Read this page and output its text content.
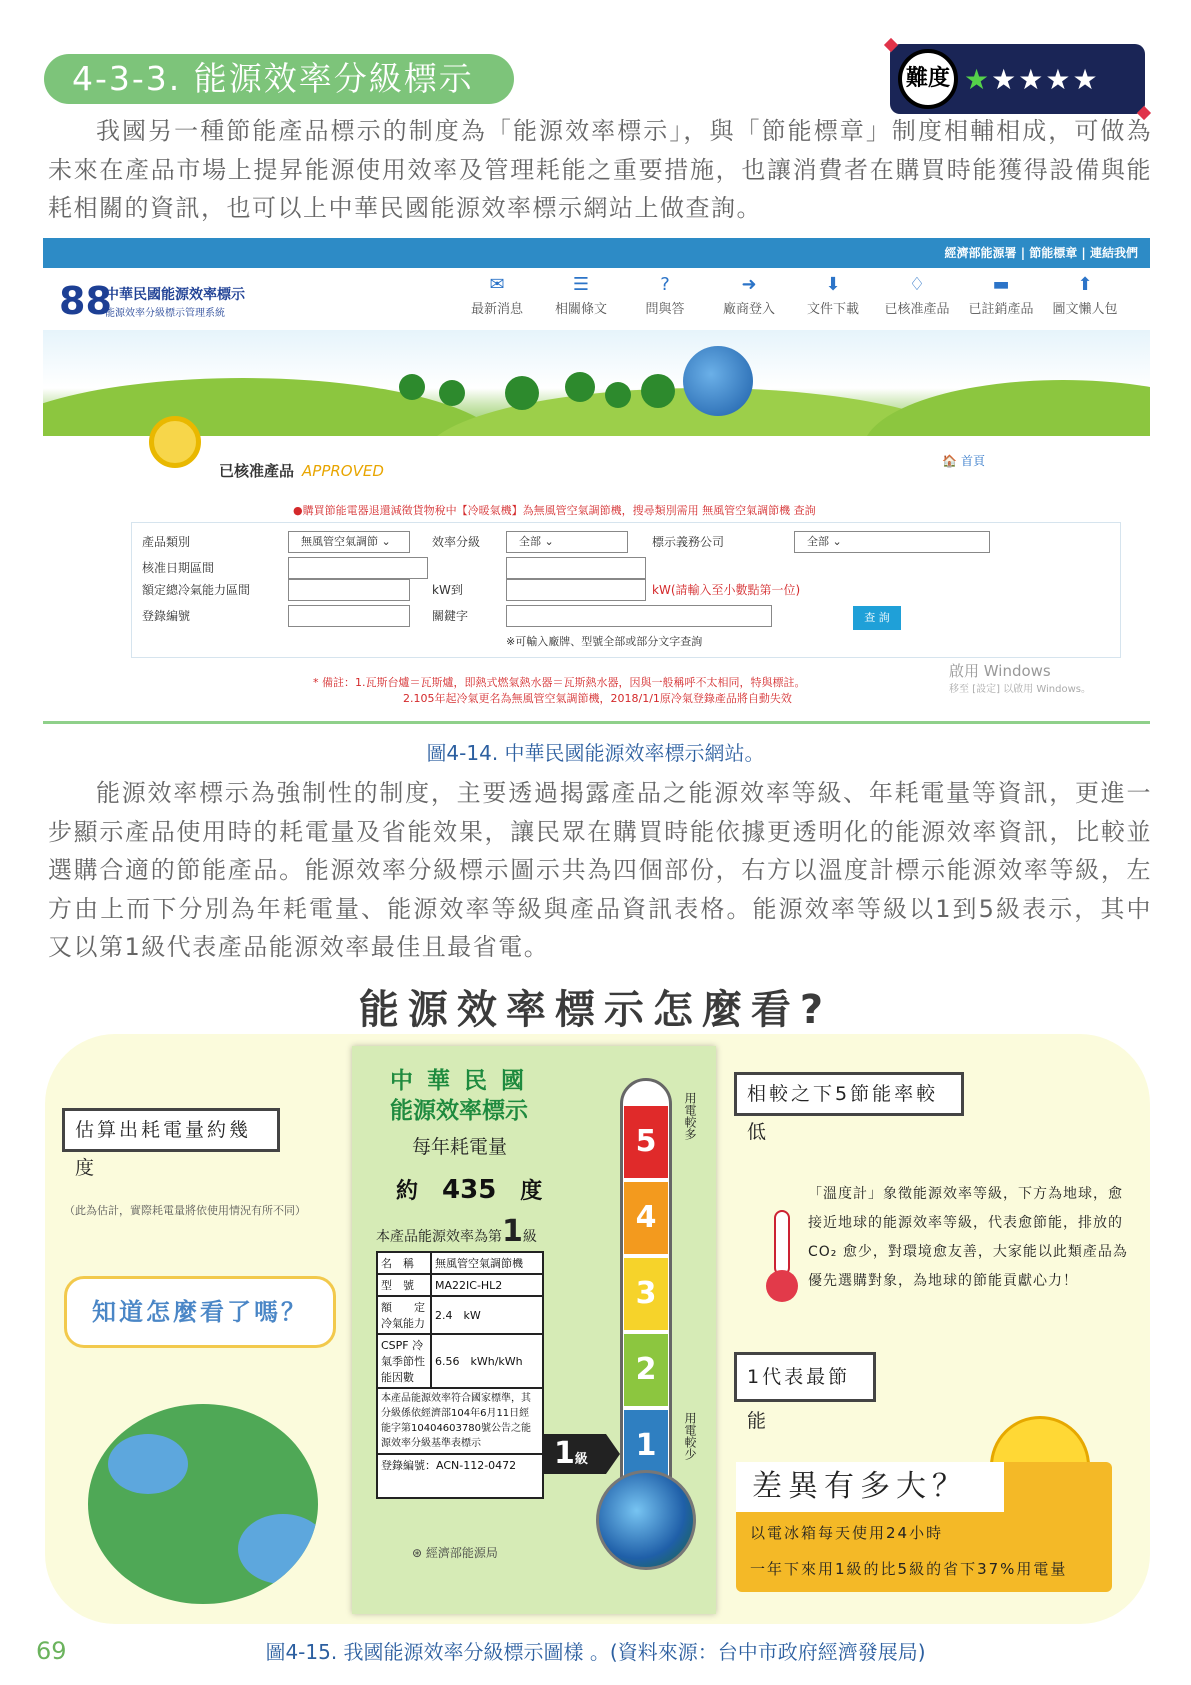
4-3-3. 能源效率分級標示	難度 ★★★★★

我國另一種節能產品標示的制度為「能源效率標示」，與「節能標章」制度相輔相成，可做為未來在產品市場上提昇能源使用效率及管理耗能之重要措施，也讓消費者在購買時能獲得設備與能耗相關的資訊，也可以上中華民國能源效率標示網站上做查詢。

經濟部能源署 | 節能標章 | 連結我們
88
中華民國能源效率標示
能源效率分級標示管理系統
✉
最新消息
☰
相關條文
?
問與答
➜
廠商登入
⬇
文件下載
♢
已核准產品
▬
已註銷產品
⬆
圖文懶人包
已核准產品 APPROVED
🏠 首頁
●購買節能電器退還減徵貨物稅中【冷暖氣機】為無風管空氣調節機，搜尋類別需用 無風管空氣調節機 查詢
產品類別	無風管空氣調節 ⌄	效率分級	全部 ⌄	標示義務公司	全部 ⌄
核准日期區間
額定總冷氣能力區間	kW到	kW(請輸入至小數點第一位)
登錄編號	關鍵字
※可輸入廠牌、型號全部或部分文字查詢
查 詢
* 備註：1.瓦斯台爐＝瓦斯爐，即熱式燃氣熱水器＝瓦斯熱水器，因與一般稱呼不太相同，特與標註。
2.105年起冷氣更名為無風管空氣調節機，2018/1/1原冷氣登錄產品將自動失效
啟用 Windows
移至 [設定] 以啟用 Windows。
圖4-14. 中華民國能源效率標示網站。

能源效率標示為強制性的制度，主要透過揭露產品之能源效率等級、年耗電量等資訊，更進一步顯示產品使用時的耗電量及省能效果，讓民眾在購買時能依據更透明化的能源效率資訊，比較並選購合適的節能產品。能源效率分級標示圖示共為四個部份，右方以溫度計標示能源效率等級，左方由上而下分別為年耗電量、能源效率等級與產品資訊表格。能源效率等級以1到5級表示，其中又以第1級代表產品能源效率最佳且最省電。

能源效率標示怎麼看?
估算出耗電量約幾度
（此為估計，實際耗電量將依使用情況有所不同）
知道怎麼看了嗎？
中華民國
能源效率標示
每年耗電量
約 435 度
本產品能源效率為第1級
名　稱	無風管空氣調節機
型　號	MA22IC-HL2
額　　定冷氣能力	2.4　kW
CSPF 冷氣季節性能因數	6.56　kWh/kWh
本產品能源效率符合國家標準，其分級係依經濟部104年6月11日經能字第10404603780號公告之能源效率分級基準表標示	
登錄編號：ACN-112-0472	
⊛ 經濟部能源局
1級
5
4
3
2
1
用電較多
用電較少
相較之下5節能率較低
「溫度計」象徵能源效率等級，下方為地球，愈接近地球的能源效率等級，代表愈節能，排放的CO₂ 愈少，對環境愈友善，大家能以此類產品為優先選購對象，為地球的節能貢獻心力！
1代表最節能
差異有多大？
以電冰箱每天使用24小時
一年下來用1級的比5級的省下37%用電量
圖4-15. 我國能源效率分級標示圖樣 。(資料來源：台中市政府經濟發展局)
69
